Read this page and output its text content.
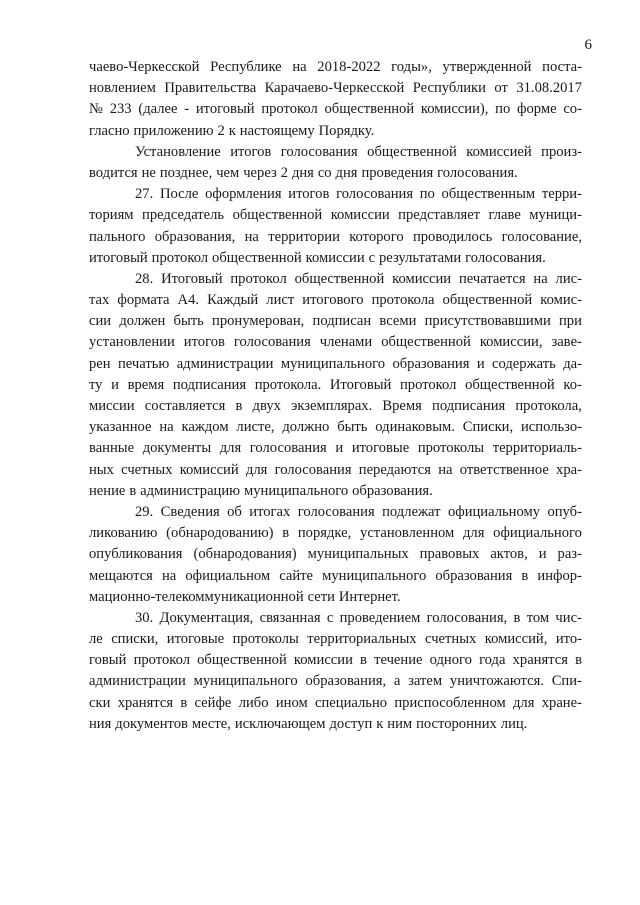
6
чаево-Черкесской Республике на 2018-2022 годы», утвержденной поста-
новлением Правительства Карачаево-Черкесской Республики от 31.08.2017
№ 233 (далее - итоговый протокол общественной комиссии), по форме со-
гласно приложению 2 к настоящему Порядку.
Установление итогов голосования общественной комиссией произ-
водится не позднее, чем через 2 дня со дня проведения голосования.
27. После оформления итогов голосования по общественным терри-
ториям председатель общественной комиссии представляет главе муници-
пального образования, на территории которого проводилось голосование,
итоговый протокол общественной комиссии с результатами голосования.
28. Итоговый протокол общественной комиссии печатается на лис-
тах формата А4. Каждый лист итогового протокола общественной комис-
сии должен быть пронумерован, подписан всеми присутствовавшими при
установлении итогов голосования членами общественной комиссии, завe-
рен печатью администрации муниципального образования и содержать да-
ту и время подписания протокола. Итоговый протокол общественной ко-
миссии составляется в двух экземплярах. Время подписания протокола,
указанное на каждом листе, должно быть одинаковым. Списки, использо-
ванные документы для голосования и итоговые протоколы территориаль-
ных счетных комиссий для голосования передаются на ответственное хра-
нение в администрацию муниципального образования.
29. Сведения об итогах голосования подлежат официальному опуб-
ликованию (обнародованию) в порядке, установленном для официального
опубликования (обнародования) муниципальных правовых актов, и раз-
мещаются на официальном сайте муниципального образования в инфор-
мационно-телекоммуникационной сети Интернет.
30. Документация, связанная с проведением голосования, в том чис-
ле списки, итоговые протоколы территориальных счетных комиссий, ито-
говый протокол общественной комиссии в течение одного года хранятся в
администрации муниципального образования, а затем уничтожаются. Спи-
ски хранятся в сейфе либо ином специально приспособленном для хране-
ния документов месте, исключающем доступ к ним посторонних лиц.
